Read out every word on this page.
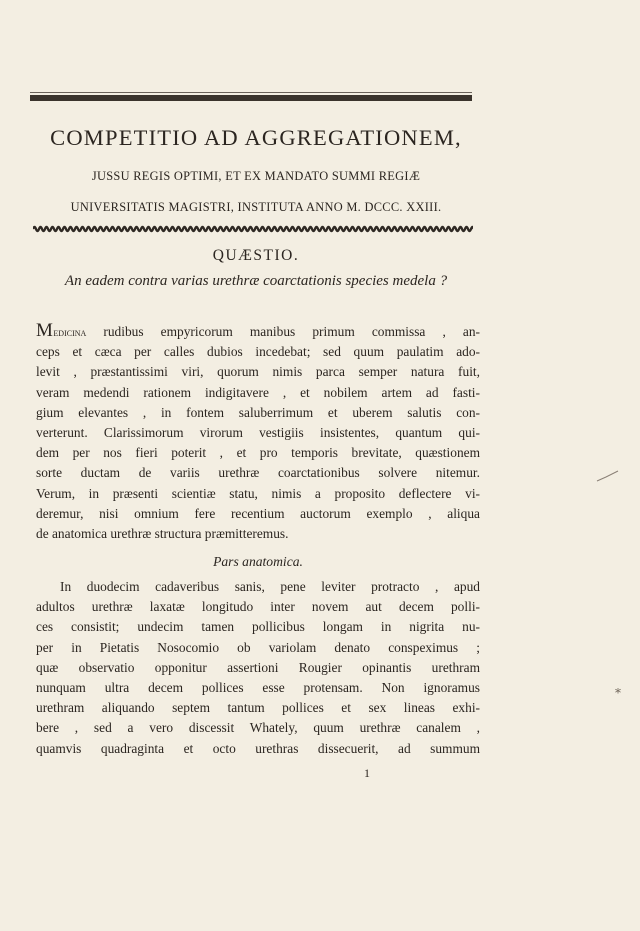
COMPETITIO AD AGGREGATIONEM,
JUSSU REGIS OPTIMI, ET EX MANDATO SUMMI REGIÆ
UNIVERSITATIS MAGISTRI, INSTITUTA ANNO M. DCCC. XXIII.
QUÆSTIO.
An eadem contra varias urethræ coarctationis species medela ?
Medicina rudibus empyricorum manibus primum commissa , an-
ceps et cæca per calles dubios incedebat; sed quum paulatim ado-
levit , præstantissimi viri, quorum nimis parca semper natura fuit,
veram medendi rationem indigitavere , et nobilem artem ad fasti-
gium elevantes , in fontem saluberrimum et uberem salutis con-
verterunt. Clarissimorum virorum vestigiis insistentes, quantum qui-
dem per nos fieri poterit , et pro temporis brevitate, quæstionem
sorte ductam de variis urethræ coarctationibus solvere nitemur.
Verum, in præsenti scientiæ statu, nimis a proposito deflectere vi-
deremur, nisi omnium fere recentium auctorum exemplo , aliqua
de anatomica urethræ structura præmitteremus.
Pars anatomica.
In duodecim cadaveribus sanis, pene leviter protracto , apud
adultos urethræ laxatæ longitudo inter novem aut decem polli-
ces consistit; undecim tamen pollicibus longam in nigrita nu-
per in Pietatis Nosocomio ob variolam denato conspeximus ;
quæ observatio opponitur assertioni Rougier opinantis urethram
nunquam ultra decem pollices esse protensam. Non ignoramus
urethram aliquando septem tantum pollices et sex lineas exhi-
bere , sed a vero discessit Whately, quum urethræ canalem ,
quamvis quadraginta et octo urethras dissecuerit, ad summum
1
⁎
